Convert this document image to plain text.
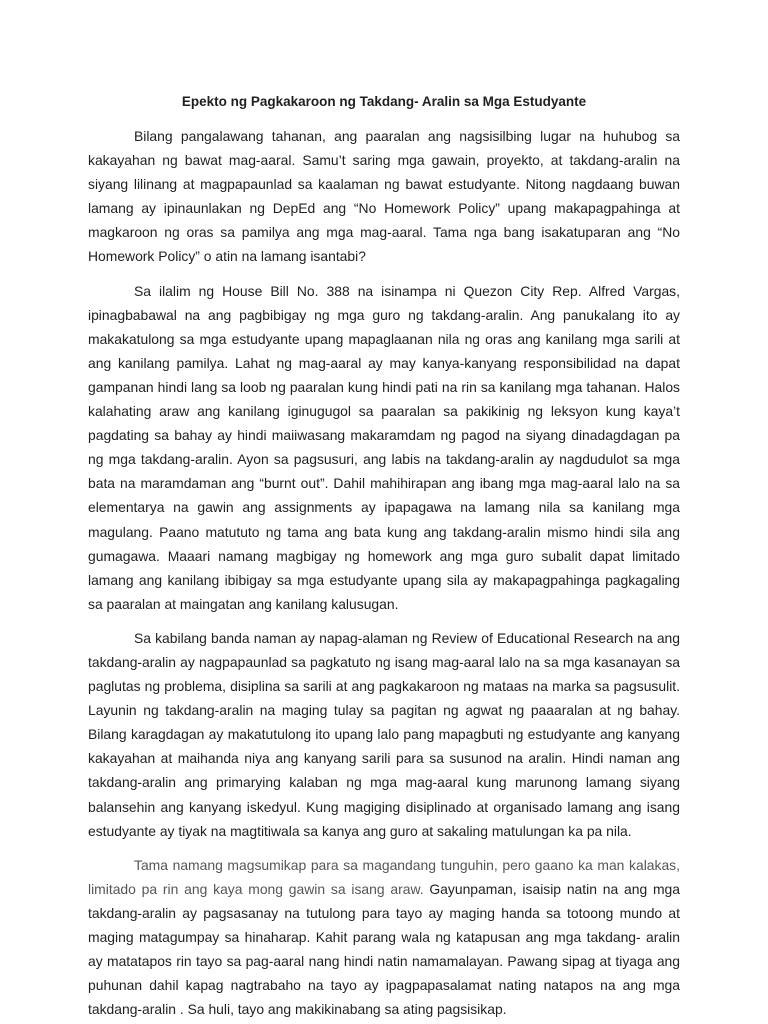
Epekto ng Pagkakaroon ng Takdang- Aralin sa Mga Estudyante

Bilang pangalawang tahanan, ang paaralan ang nagsisilbing lugar na huhubog sa kakayahan ng bawat mag-aaral. Samu’t saring mga gawain, proyekto, at takdang-aralin na siyang lilinang at magpapaunlad sa kaalaman ng bawat estudyante. Nitong nagdaang buwan lamang ay ipinaunlakan ng DepEd ang “No Homework Policy” upang makapagpahinga at magkaroon ng oras sa pamilya ang mga mag-aaral. Tama nga bang isakatuparan ang “No Homework Policy” o atin na lamang isantabi?

Sa ilalim ng House Bill No. 388 na isinampa ni Quezon City Rep. Alfred Vargas, ipinagbabawal na ang pagbibigay ng mga guro ng takdang-aralin. Ang panukalang ito ay makakatulong sa mga estudyante upang mapaglaanan nila ng oras ang kanilang mga sarili at ang kanilang pamilya. Lahat ng mag-aaral ay may kanya-kanyang responsibilidad na dapat gampanan hindi lang sa loob ng paaralan kung hindi pati na rin sa kanilang mga tahanan. Halos kalahating araw ang kanilang iginugugol sa paaralan sa pakikinig ng leksyon kung kaya’t pagdating sa bahay ay hindi maiiwasang makaramdam ng pagod na siyang dinadagdagan pa ng mga takdang-aralin. Ayon sa pagsusuri, ang labis na takdang-aralin ay nagdudulot sa mga bata na maramdaman ang “burnt out”. Dahil mahihirapan ang ibang mga mag-aaral lalo na sa elementarya na gawin ang assignments ay ipapagawa na lamang nila sa kanilang mga magulang. Paano matututo ng tama ang bata kung ang takdang-aralin mismo hindi sila ang gumagawa. Maaari namang magbigay ng homework ang mga guro subalit dapat limitado lamang ang kanilang ibibigay sa mga estudyante upang sila ay makapagpahinga pagkagaling sa paaralan at maingatan ang kanilang kalusugan.

Sa kabilang banda naman ay napag-alaman ng Review of Educational Research na ang takdang-aralin ay nagpapaunlad sa pagkatuto ng isang mag-aaral lalo na sa mga kasanayan sa paglutas ng problema, disiplina sa sarili at ang pagkakaroon ng mataas na marka sa pagsusulit. Layunin ng takdang-aralin na maging tulay sa pagitan ng agwat ng paaaralan at ng bahay. Bilang karagdagan ay makatutulong ito upang lalo pang mapagbuti ng estudyante ang kanyang kakayahan at maihanda niya ang kanyang sarili para sa susunod na aralin. Hindi naman ang takdang-aralin ang primarying kalaban ng mga mag-aaral kung marunong lamang siyang balansehin ang kanyang iskedyul. Kung magiging disiplinado at organisado lamang ang isang estudyante ay tiyak na magtitiwala sa kanya ang guro at sakaling matulungan ka pa nila.

Tama namang magsumikap para sa magandang tunguhin, pero gaano ka man kalakas, limitado pa rin ang kaya mong gawin sa isang araw. Gayunpaman, isaisip natin na ang mga takdang-aralin ay pagsasanay na tutulong para tayo ay maging handa sa totoong mundo at maging matagumpay sa hinaharap. Kahit parang wala ng katapusan ang mga takdang- aralin ay matatapos rin tayo sa pag-aaral nang hindi natin namamalayan. Pawang sipag at tiyaga ang puhunan dahil kapag nagtrabaho na tayo ay ipagpapasalamat nating natapos na ang mga takdang-aralin . Sa huli, tayo ang makikinabang sa ating pagsisikap.
